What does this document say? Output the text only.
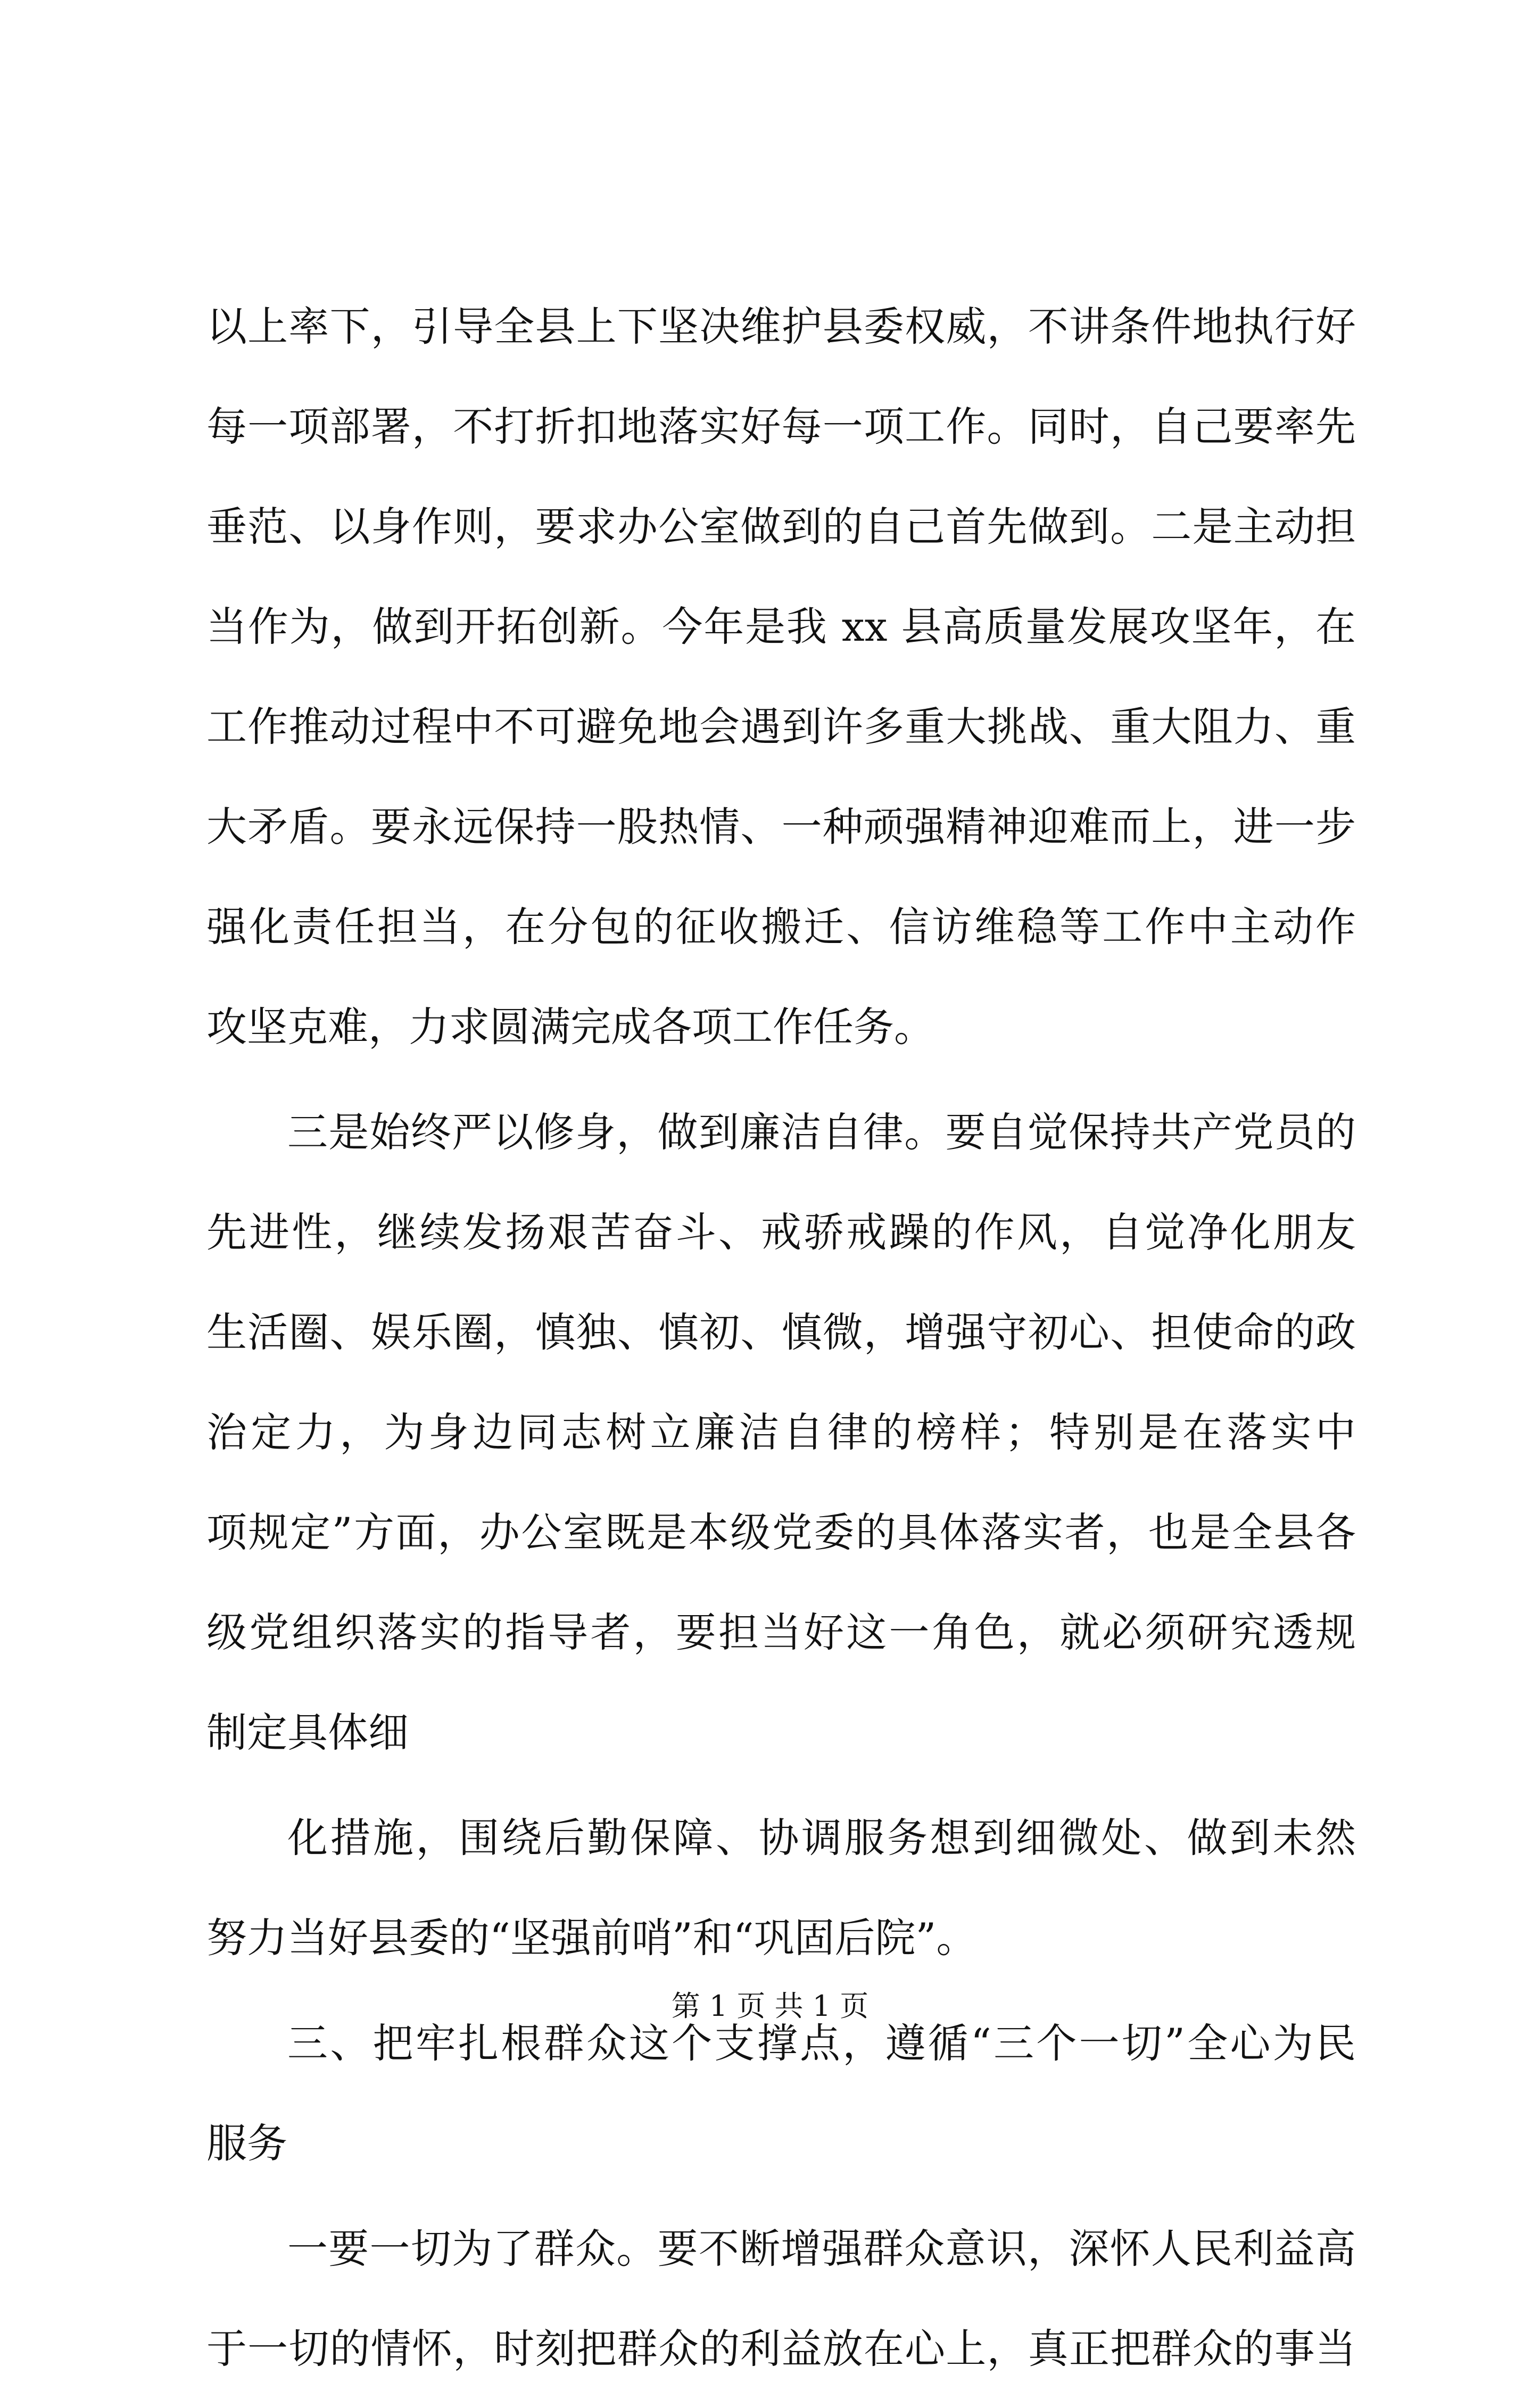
以上率下，引导全县上下坚决维护县委权威，不讲条件地执行好
每一项部署，不打折扣地落实好每一项工作。同时，自己要率先
垂范、以身作则，要求办公室做到的自己首先做到。二是主动担
当作为，做到开拓创新。今年是我 xx 县高质量发展攻坚年，在
工作推动过程中不可避免地会遇到许多重大挑战、重大阻力、重
大矛盾。要永远保持一股热情、一种顽强精神迎难而上，进一步
强化责任担当，在分包的征收搬迁、信访维稳等工作中主动作
攻坚克难，力求圆满完成各项工作任务。
三是始终严以修身，做到廉洁自律。要自觉保持共产党员的
先进性，继续发扬艰苦奋斗、戒骄戒躁的作风，自觉净化朋友
生活圈、娱乐圈，慎独、慎初、慎微，增强守初心、担使命的政
治定力，为身边同志树立廉洁自律的榜样；特别是在落实中
项规定”方面，办公室既是本级党委的具体落实者，也是全县各
级党组织落实的指导者，要担当好这一角色，就必须研究透规
制定具体细
化措施，围绕后勤保障、协调服务想到细微处、做到未然
努力当好县委的“坚强前哨”和“巩固后院”。
三、把牢扎根群众这个支撑点，遵循“三个一切”全心为民
服务
一要一切为了群众。要不断增强群众意识，深怀人民利益高
于一切的情怀，时刻把群众的利益放在心上，真正把群众的事当
第 1 页 共 1 页
